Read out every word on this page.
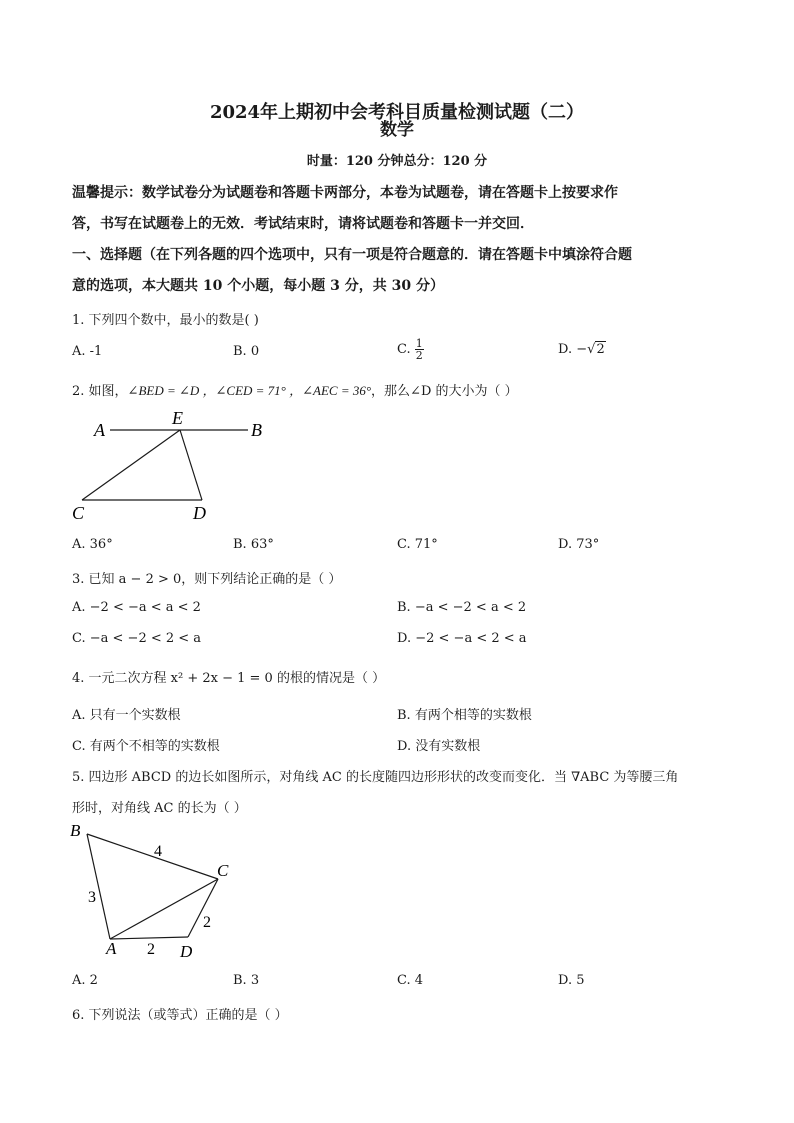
2024年上期初中会考科目质量检测试题（二）
数学
时量：120 分钟总分：120 分
温馨提示：数学试卷分为试题卷和答题卡两部分，本卷为试题卷，请在答题卡上按要求作
答，书写在试题卷上的无效．考试结束时，请将试题卷和答题卡一并交回．
一、选择题（在下列各题的四个选项中，只有一项是符合题意的．请在答题卡中填涂符合题
意的选项，本大题共 10 个小题，每小题 3 分，共 30 分）
1. 下列四个数中，最小的数是( )
A. -1	B. 0	C. $\frac{1}{2}$	D. −√2
2. 如图，∠BED = ∠D ，∠CED = 71° ，∠AEC = 36°，那么∠D 的大小为（ ）
A
E
B
C	D
A. 36°	B. 63°	C. 71°	D. 73°
3. 已知 a − 2 > 0，则下列结论正确的是（ ）
A. −2 < −a < a < 2	B. −a < −2 < a < 2
C. −a < −2 < 2 < a	D. −2 < −a < 2 < a
4. 一元二次方程 x² + 2x − 1 = 0 的根的情况是（ ）
A. 只有一个实数根	B. 有两个相等的实数根
C. 有两个不相等的实数根	D. 没有实数根
5. 四边形 ABCD 的边长如图所示，对角线 AC 的长度随四边形形状的改变而变化．当 ∇ABC 为等腰三角
形时，对角线 AC 的长为（ ）
B
C
A	D
4
3
2
2
A. 2	B. 3	C. 4	D. 5
6. 下列说法（或等式）正确的是（ ）
